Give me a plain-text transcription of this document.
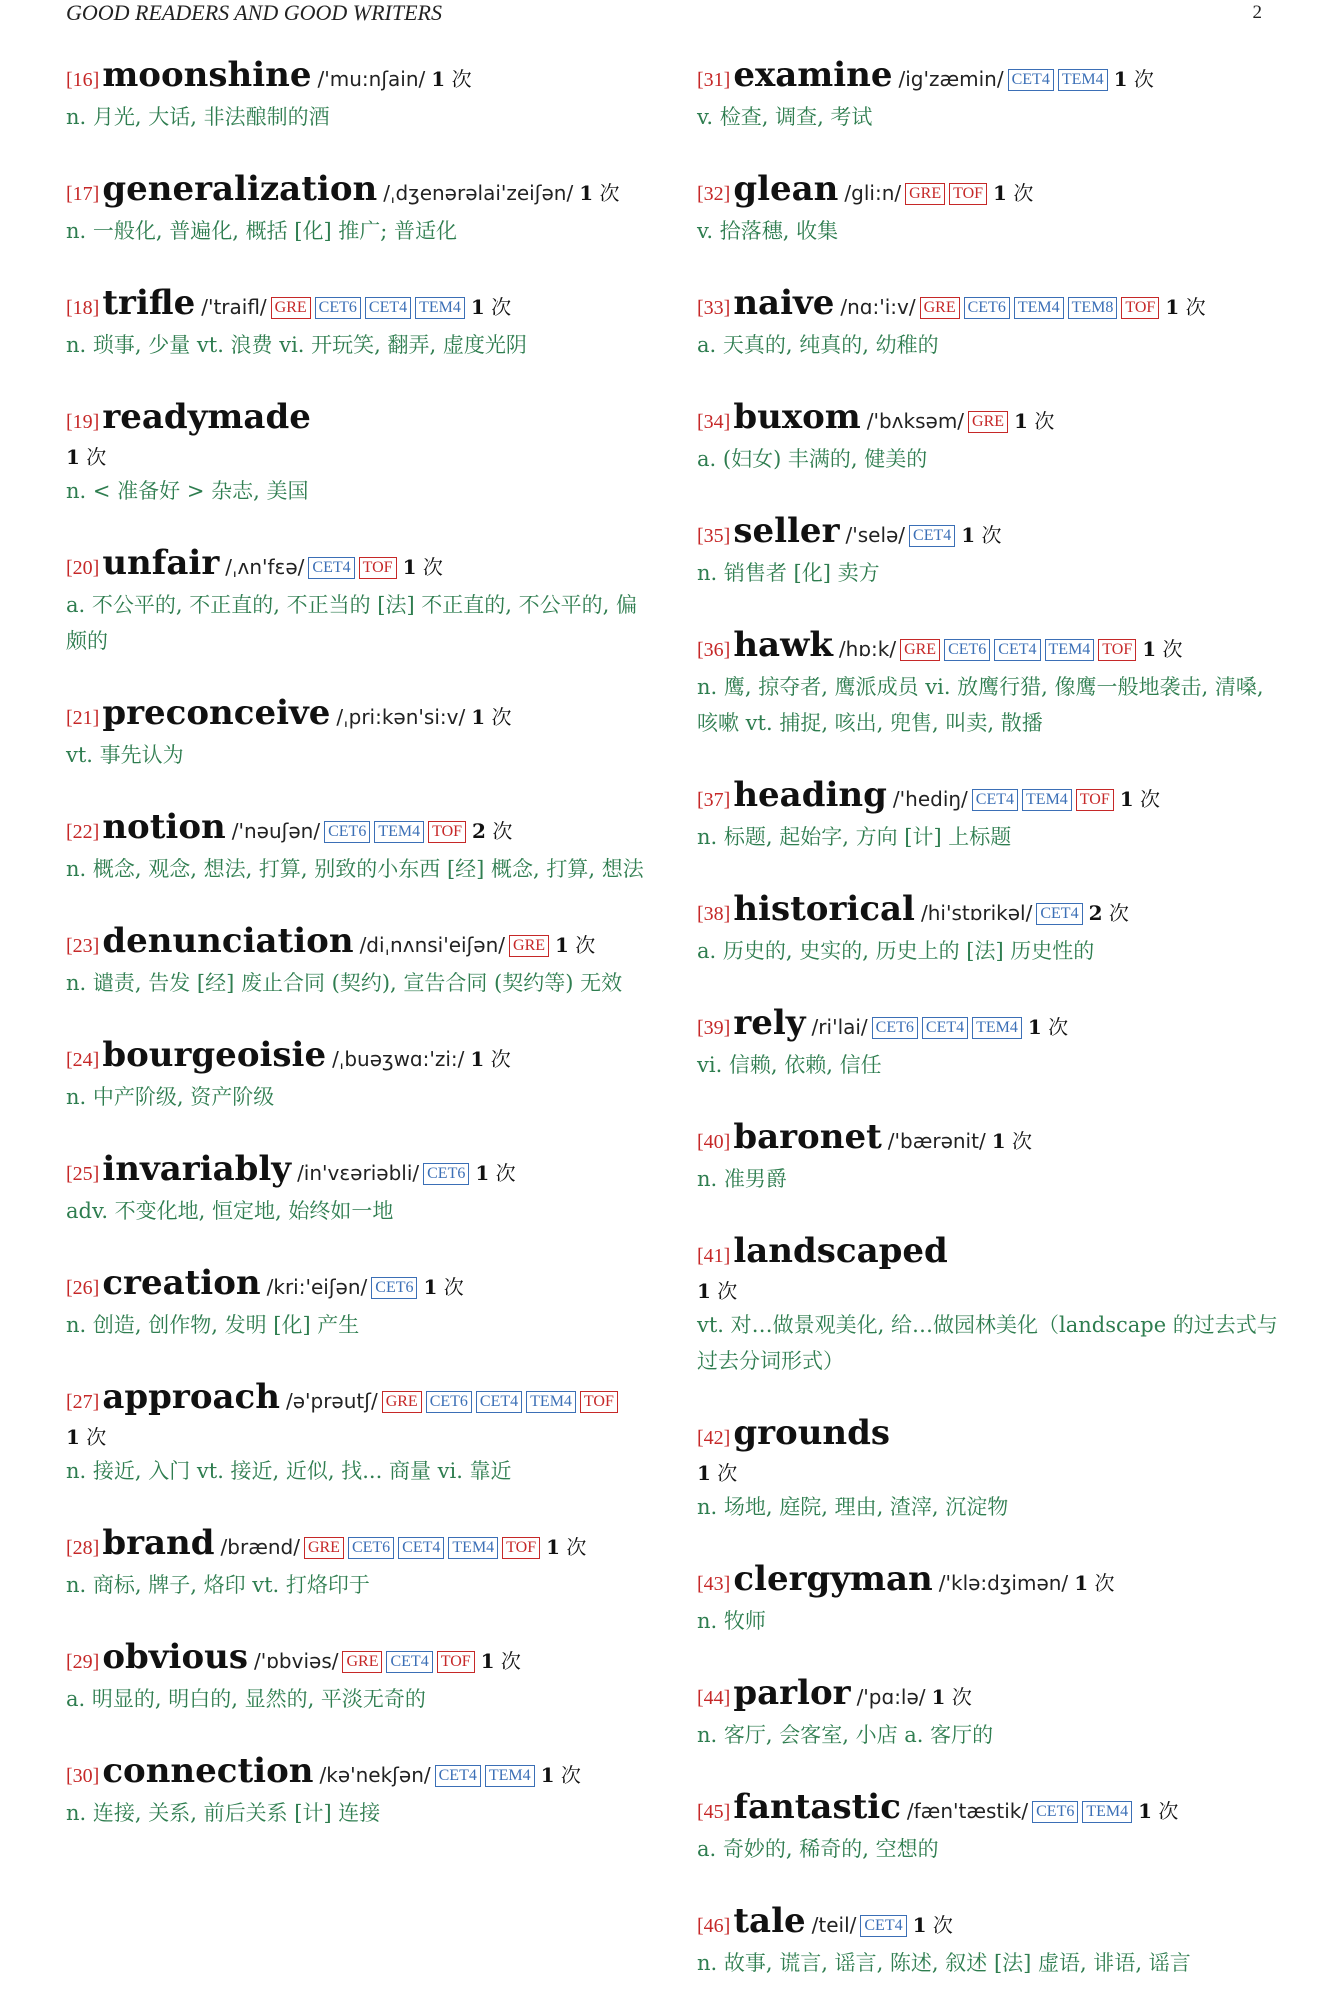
GOOD READERS AND GOOD WRITERS	2
[16]moonshine /'mu:nʃain/ 1 次
n. 月光, 大话, 非法酿制的酒
[17]generalization /ˌdʒenərəlai'zeiʃən/ 1 次
n. 一般化, 普遍化, 概括 [化] 推广; 普适化
[18]trifle /'traifl/ GRE CET6 CET4 TEM4 1 次
n. 琐事, 少量 vt. 浪费 vi. 开玩笑, 翻弄, 虚度光阴
[19]readymade
1 次
n. < 准备好 > 杂志, 美国
[20]unfair /ˌʌn'fɛə/ CET4 TOF 1 次
a. 不公平的, 不正直的, 不正当的 [法] 不正直的, 不公平的, 偏颇的
[21]preconceive /ˌpri:kən'si:v/ 1 次
vt. 事先认为
[22]notion /'nəuʃən/ CET6 TEM4 TOF 2 次
n. 概念, 观念, 想法, 打算, 别致的小东西 [经] 概念, 打算, 想法
[23]denunciation /diˌnʌnsi'eiʃən/ GRE 1 次
n. 谴责, 告发 [经] 废止合同 (契约), 宣告合同 (契约等) 无效
[24]bourgeoisie /ˌbuəʒwɑ:'zi:/ 1 次
n. 中产阶级, 资产阶级
[25]invariably /in'vɛəriəbli/ CET6 1 次
adv. 不变化地, 恒定地, 始终如一地
[26]creation /kri:'eiʃən/ CET6 1 次
n. 创造, 创作物, 发明 [化] 产生
[27]approach /ə'prəutʃ/ GRE CET6 CET4 TEM4 TOF
1 次
n. 接近, 入门 vt. 接近, 近似, 找... 商量 vi. 靠近
[28]brand /brænd/ GRE CET6 CET4 TEM4 TOF 1 次
n. 商标, 牌子, 烙印 vt. 打烙印于
[29]obvious /'ɒbviəs/ GRE CET4 TOF 1 次
a. 明显的, 明白的, 显然的, 平淡无奇的
[30]connection /kə'nekʃən/ CET4 TEM4 1 次
n. 连接, 关系, 前后关系 [计] 连接
[31]examine /ig'zæmin/ CET4 TEM4 1 次
v. 检查, 调查, 考试
[32]glean /gli:n/ GRE TOF 1 次
v. 拾落穗, 收集
[33]naive /nɑ:'i:v/ GRE CET6 TEM4 TEM8 TOF 1 次
a. 天真的, 纯真的, 幼稚的
[34]buxom /'bʌksəm/ GRE 1 次
a. (妇女) 丰满的, 健美的
[35]seller /'selə/ CET4 1 次
n. 销售者 [化] 卖方
[36]hawk /hɒ:k/ GRE CET6 CET4 TEM4 TOF 1 次
n. 鹰, 掠夺者, 鹰派成员 vi. 放鹰行猎, 像鹰一般地袭击, 清嗓, 咳嗽 vt. 捕捉, 咳出, 兜售, 叫卖, 散播
[37]heading /'hediŋ/ CET4 TEM4 TOF 1 次
n. 标题, 起始字, 方向 [计] 上标题
[38]historical /hi'stɒrikəl/ CET4 2 次
a. 历史的, 史实的, 历史上的 [法] 历史性的
[39]rely /ri'lai/ CET6 CET4 TEM4 1 次
vi. 信赖, 依赖, 信任
[40]baronet /'bærənit/ 1 次
n. 准男爵
[41]landscaped
1 次
vt. 对…做景观美化, 给…做园林美化（landscape 的过去式与过去分词形式）
[42]grounds
1 次
n. 场地, 庭院, 理由, 渣滓, 沉淀物
[43]clergyman /'klə:dʒimən/ 1 次
n. 牧师
[44]parlor /'pɑ:lə/ 1 次
n. 客厅, 会客室, 小店 a. 客厅的
[45]fantastic /fæn'tæstik/ CET6 TEM4 1 次
a. 奇妙的, 稀奇的, 空想的
[46]tale /teil/ CET4 1 次
n. 故事, 谎言, 谣言, 陈述, 叙述 [法] 虚语, 诽语, 谣言
